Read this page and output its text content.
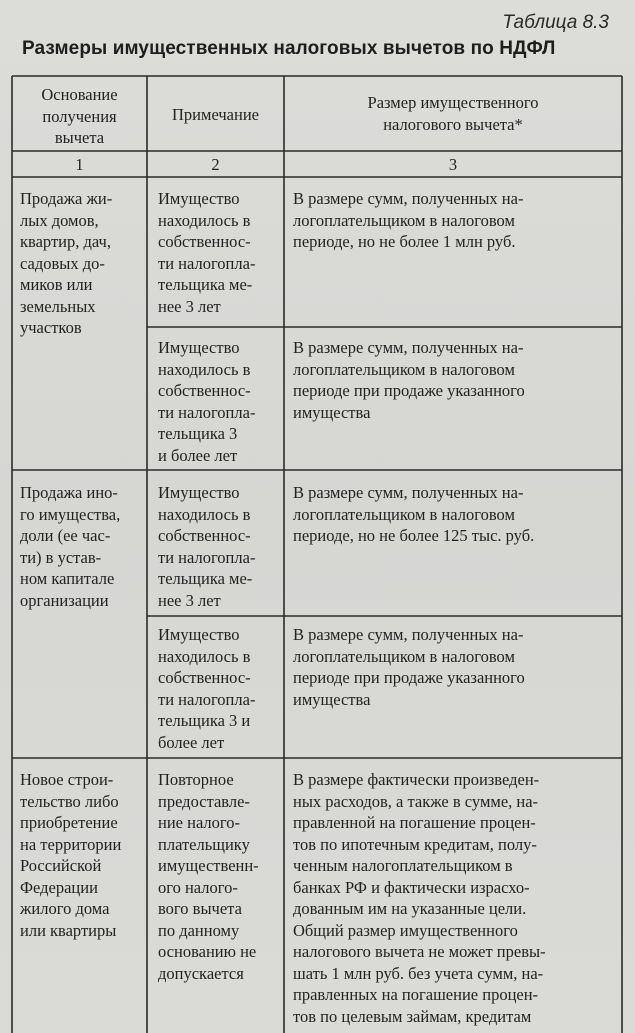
Таблица 8.3
Размеры имущественных налоговых вычетов по НДФЛ
Основание
получения
вычета
Примечание
Размер имущественного
налогового вычета*
1	2	3
Продажа жи-
лых домов,
квартир, дач,
садовых до-
миков или
земельных
участков
Имущество
находилось в
собственнос-
ти налогопла-
тельщика ме-
нее 3 лет
В размере сумм, полученных на-
логоплательщиком в налоговом
периоде, но не более 1 млн руб.
Имущество
находилось в
собственнос-
ти налогопла-
тельщика 3
и более лет
В размере сумм, полученных на-
логоплательщиком в налоговом
периоде при продаже указанного
имущества
Продажа ино-
го имущества,
доли (ее час-
ти) в устав-
ном капитале
организации
Имущество
находилось в
собственнос-
ти налогопла-
тельщика ме-
нее 3 лет
В размере сумм, полученных на-
логоплательщиком в налоговом
периоде, но не более 125 тыс. руб.
Имущество
находилось в
собственнос-
ти налогопла-
тельщика 3 и
более лет
В размере сумм, полученных на-
логоплательщиком в налоговом
периоде при продаже указанного
имущества
Новое строи-
тельство либо
приобретение
на территории
Российской
Федерации
жилого дома
или квартиры
Повторное
предоставле-
ние налого-
плательщику
имущественн-
ого налого-
вого вычета
по данному
основанию не
допускается
В размере фактически произведен-
ных расходов, а также в сумме, на-
правленной на погашение процен-
тов по ипотечным кредитам, полу-
ченным налогоплательщиком в
банках РФ и фактически израсхо-
дованным им на указанные цели.
Общий размер имущественного
налогового вычета не может превы-
шать 1 млн руб. без учета сумм, на-
правленных на погашение процен-
тов по целевым займам, кредитам
